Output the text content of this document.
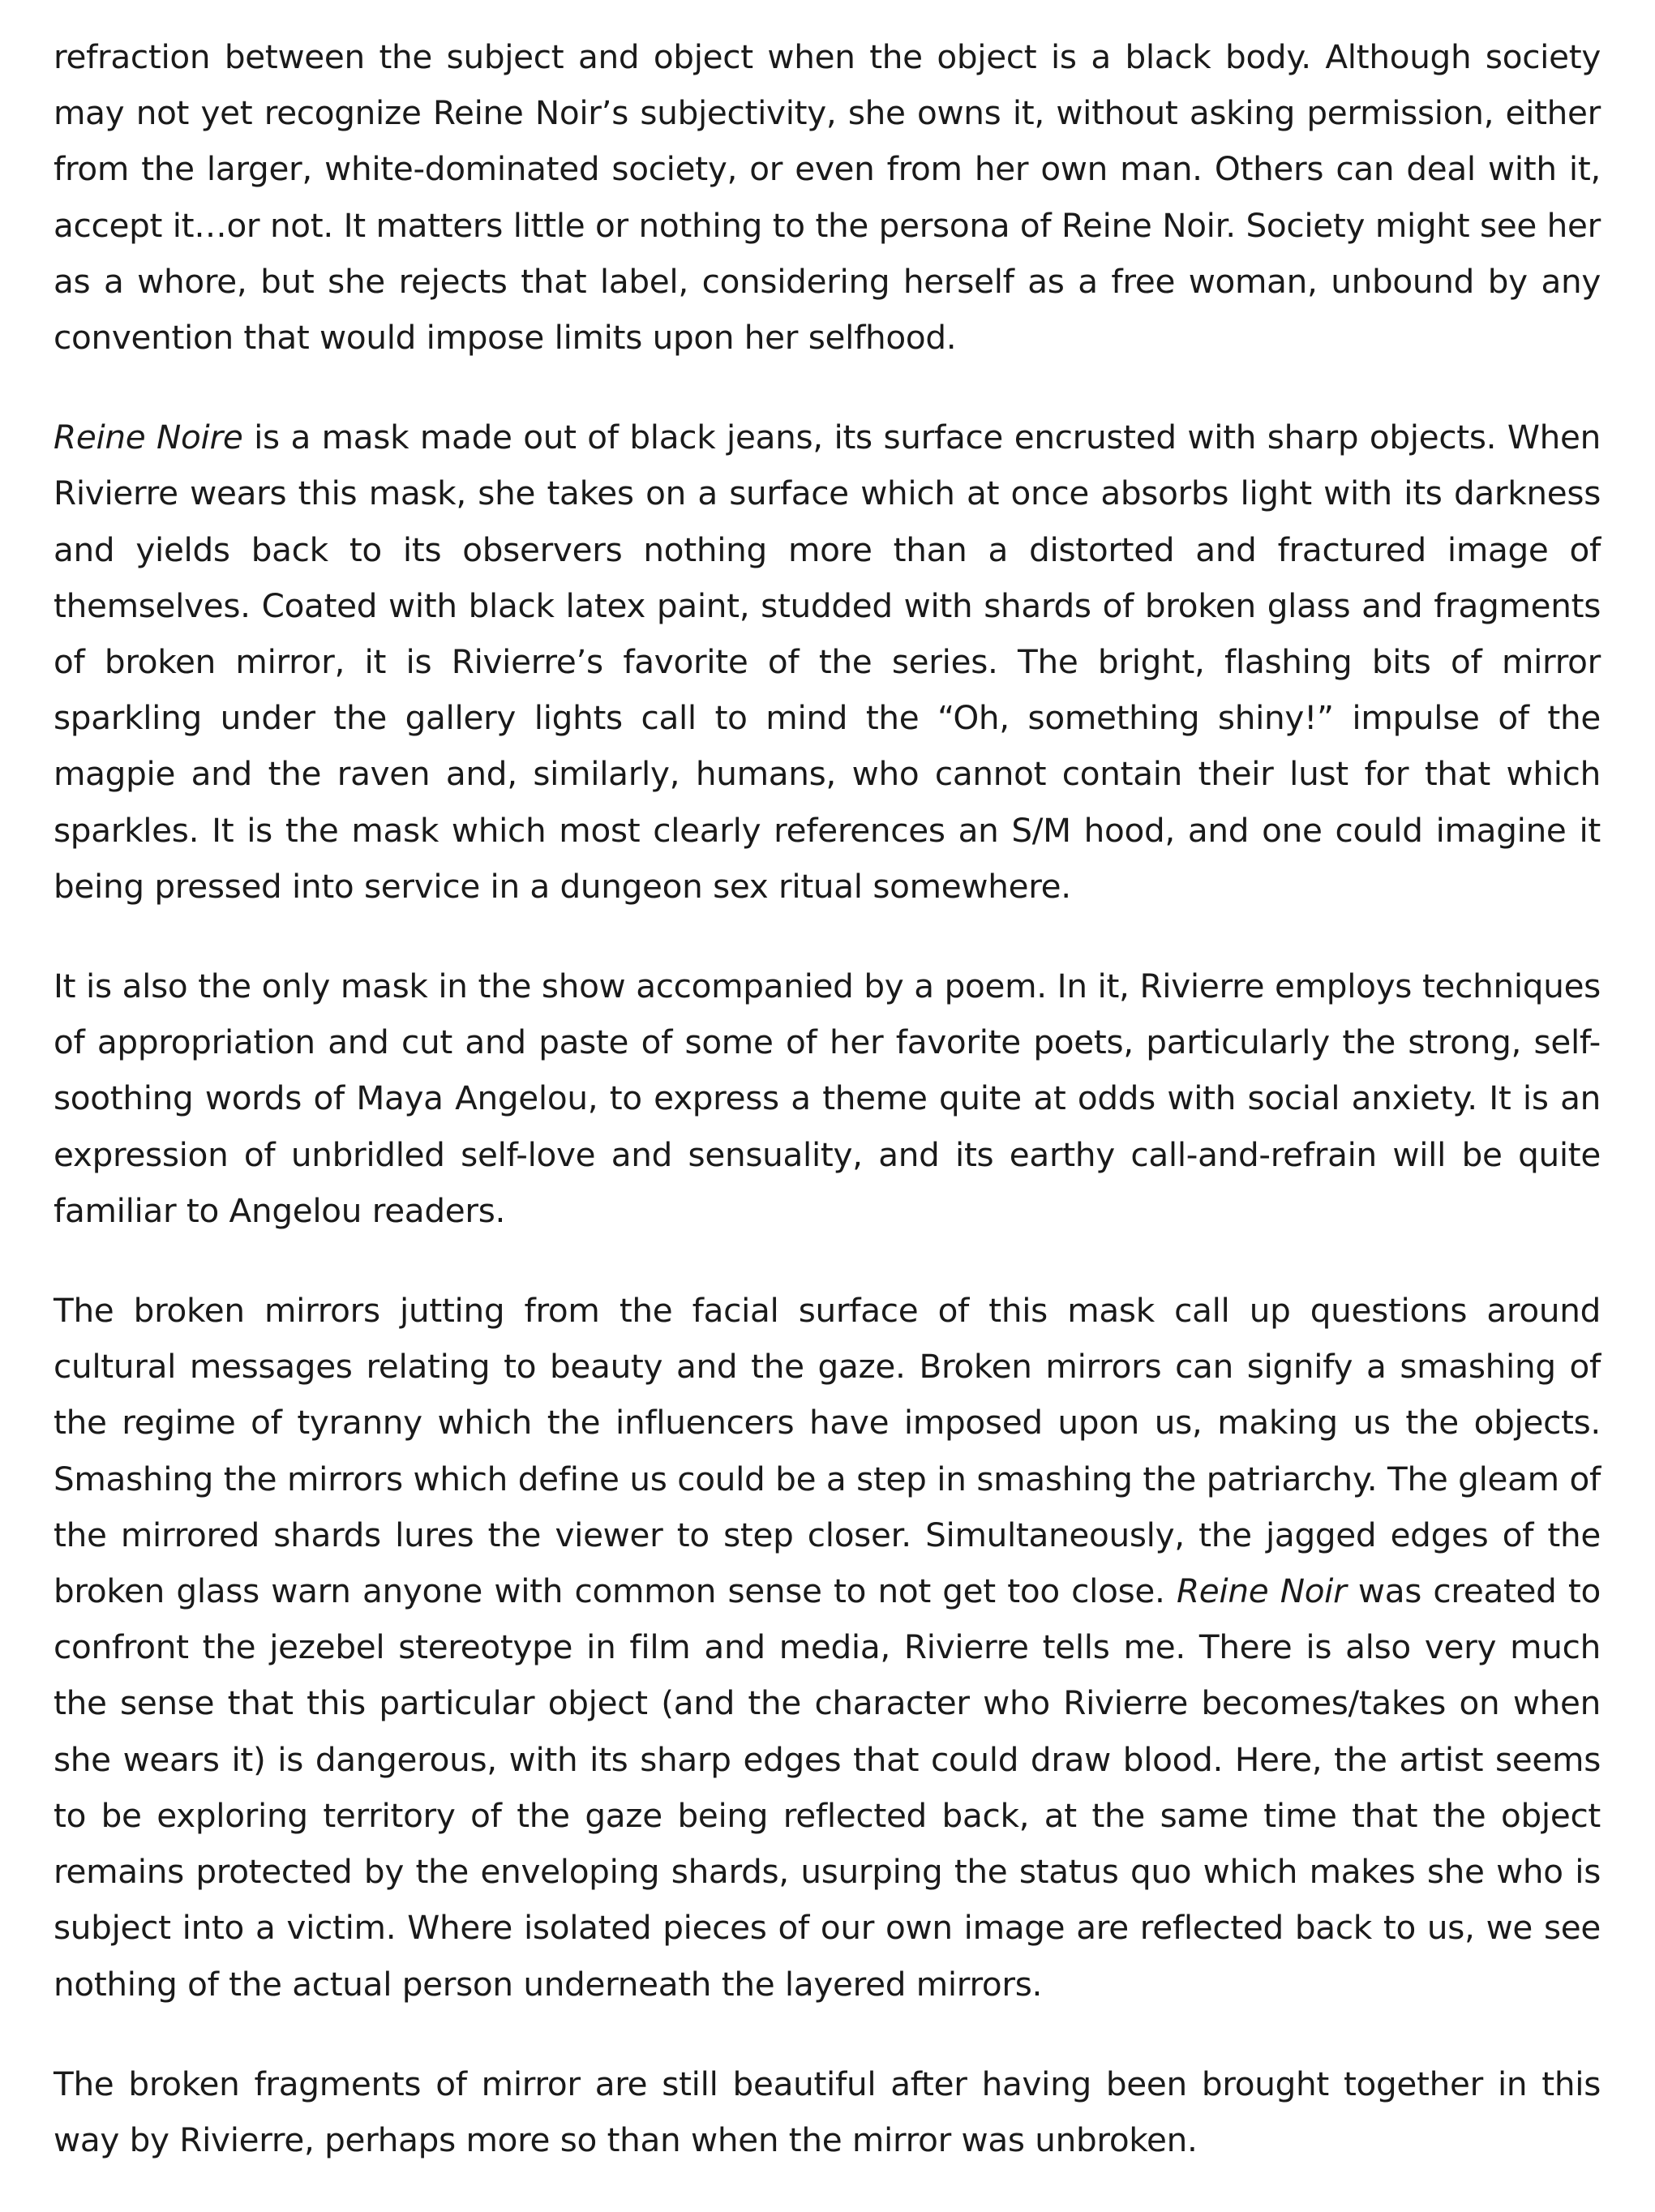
refraction between the subject and object when the object is a black body. Although society may not yet recognize Reine Noir’s subjectivity, she owns it, without asking permission, either from the larger, white-dominated society, or even from her own man. Others can deal with it, accept it…or not. It matters little or nothing to the persona of Reine Noir. Society might see her as a whore, but she rejects that label, considering herself as a free woman, unbound by any convention that would impose limits upon her selfhood.

Reine Noire is a mask made out of black jeans, its surface encrusted with sharp objects. When Rivierre wears this mask, she takes on a surface which at once absorbs light with its darkness and yields back to its observers nothing more than a distorted and fractured image of themselves. Coated with black latex paint, studded with shards of broken glass and fragments of broken mirror, it is Rivierre’s favorite of the series. The bright, flashing bits of mirror sparkling under the gallery lights call to mind the “Oh, something shiny!” impulse of the magpie and the raven and, similarly, humans, who cannot contain their lust for that which sparkles. It is the mask which most clearly references an S/M hood, and one could imagine it being pressed into service in a dungeon sex ritual somewhere.

It is also the only mask in the show accompanied by a poem. In it, Rivierre employs techniques of appropriation and cut and paste of some of her favorite poets, particularly the strong, self-soothing words of Maya Angelou, to express a theme quite at odds with social anxiety. It is an expression of unbridled self-love and sensuality, and its earthy call-and-refrain will be quite familiar to Angelou readers.

The broken mirrors jutting from the facial surface of this mask call up questions around cultural messages relating to beauty and the gaze. Broken mirrors can signify a smashing of the regime of tyranny which the influencers have imposed upon us, making us the objects. Smashing the mirrors which define us could be a step in smashing the patriarchy. The gleam of the mirrored shards lures the viewer to step closer. Simultaneously, the jagged edges of the broken glass warn anyone with common sense to not get too close. Reine Noir was created to confront the jezebel stereotype in film and media, Rivierre tells me. There is also very much the sense that this particular object (and the character who Rivierre becomes/takes on when she wears it) is dangerous, with its sharp edges that could draw blood. Here, the artist seems to be exploring territory of the gaze being reflected back, at the same time that the object remains protected by the enveloping shards, usurping the status quo which makes she who is subject into a victim. Where isolated pieces of our own image are reflected back to us, we see nothing of the actual person underneath the layered mirrors.

The broken fragments of mirror are still beautiful after having been brought together in this way by Rivierre, perhaps more so than when the mirror was unbroken.
